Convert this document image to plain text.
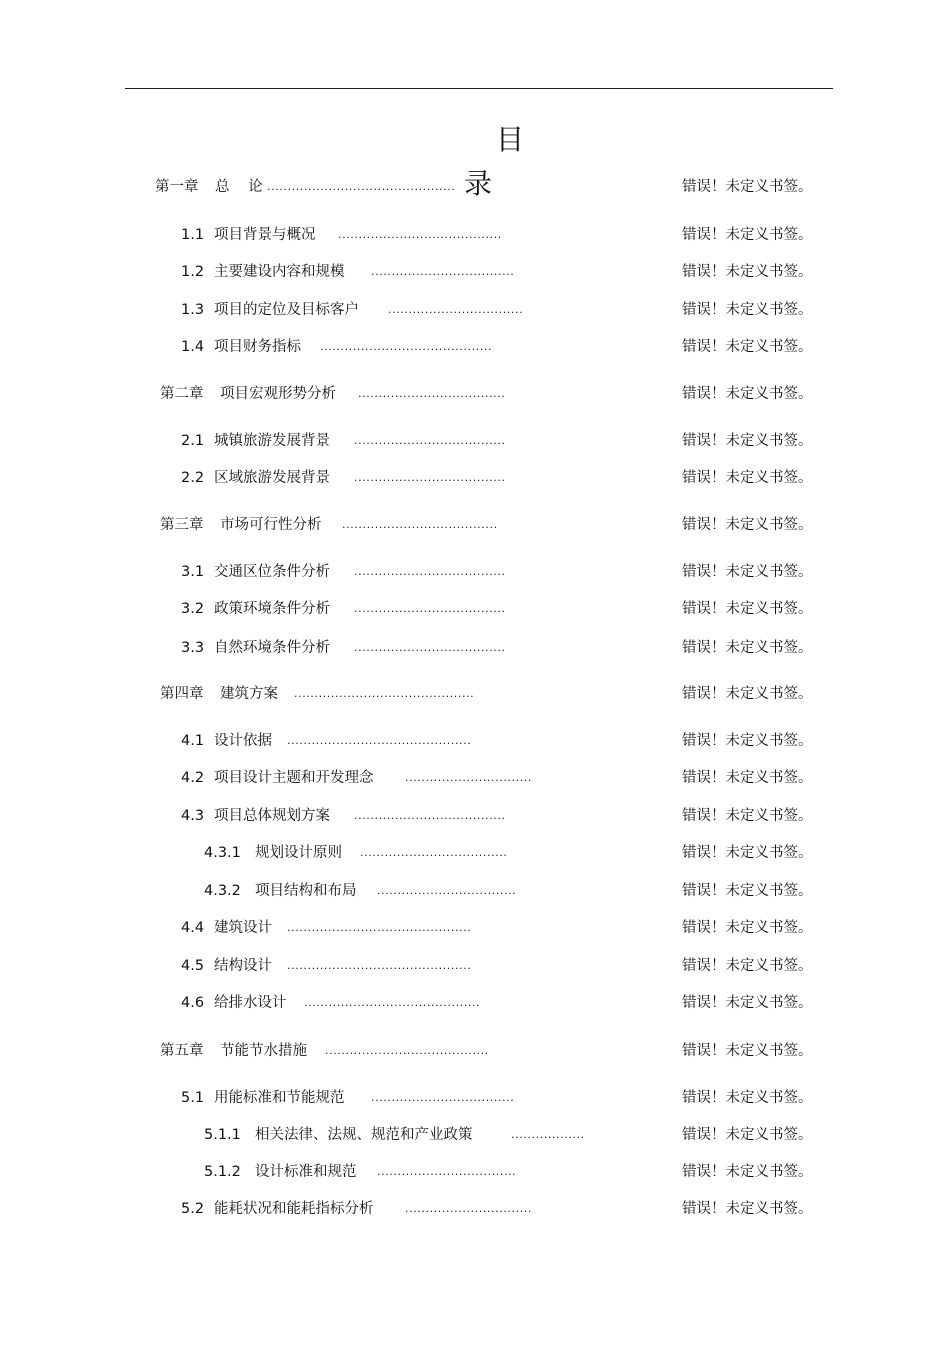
目 录
第一章 总 论 ..............................................	错误！未定义书签。
1.1 项目背景与概况 ........................................	错误！未定义书签。
1.2 主要建设内容和规模 ...................................	错误！未定义书签。
1.3 项目的定位及目标客户	.................................	错误！未定义书签。
1.4 项目财务指标 ..........................................	错误！未定义书签。
第二章 项目宏观形势分析 ....................................	错误！未定义书签。
2.1 城镇旅游发展背景 .....................................	错误！未定义书签。
2.2 区域旅游发展背景 .....................................	错误！未定义书签。
第三章 市场可行性分析 ......................................	错误！未定义书签。
3.1 交通区位条件分析 .....................................	错误！未定义书签。
3.2 政策环境条件分析 .....................................	错误！未定义书签。
3.3 自然环境条件分析 .....................................	错误！未定义书签。
第四章 建筑方案 ............................................	错误！未定义书签。
4.1 设计依据 .............................................	错误！未定义书签。
4.2 项目设计主题和开发理念	...............................	错误！未定义书签。
4.3 项目总体规划方案 .....................................	错误！未定义书签。
4.3.1 规划设计原则 ....................................	错误！未定义书签。
4.3.2 项目结构和布局 ..................................	错误！未定义书签。
4.4 建筑设计 .............................................	错误！未定义书签。
4.5 结构设计 .............................................	错误！未定义书签。
4.6 给排水设计 ...........................................	错误！未定义书签。
第五章 节能节水措施 ........................................	错误！未定义书签。
5.1 用能标准和节能规范 ...................................	错误！未定义书签。
5.1.1 相关法律、法规、规范和产业政策	..................	错误！未定义书签。
5.1.2 设计标准和规范 ..................................	错误！未定义书签。
5.2 能耗状况和能耗指标分析	...............................	错误！未定义书签。
